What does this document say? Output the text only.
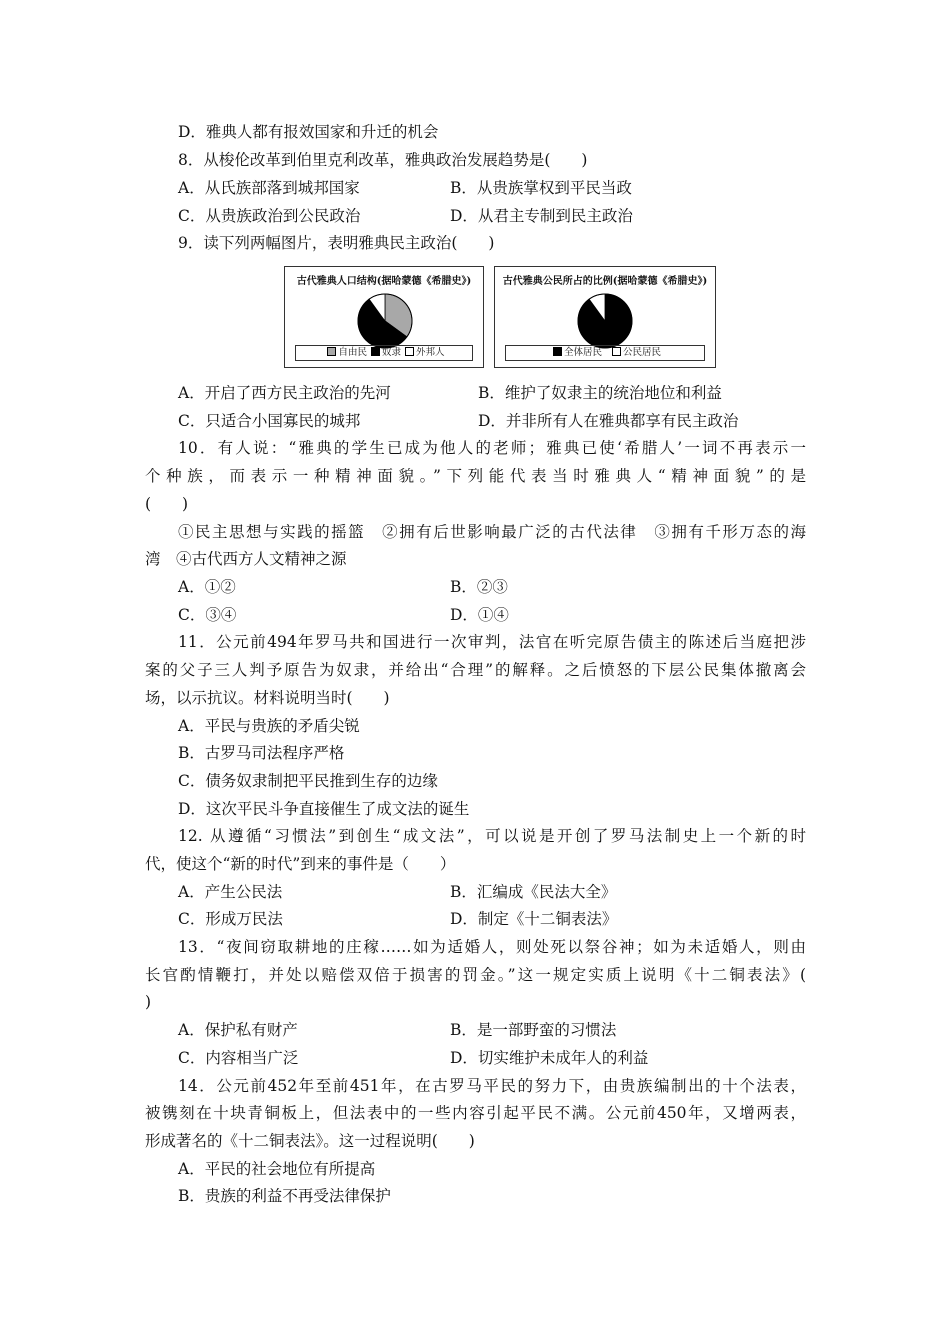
D．雅典人都有报效国家和升迁的机会
8．从梭伦改革到伯里克利改革，雅典政治发展趋势是(　　)
A．从氏族部落到城邦国家	B．从贵族掌权到平民当政
C．从贵族政治到公民政治	D．从君主专制到民主政治
9．读下列两幅图片，表明雅典民主政治(　　)
古代雅典人口结构(据哈蒙德《希腊史》)
自由民 奴隶 外邦人
古代雅典公民所占的比例(据哈蒙德《希腊史》)
全体居民 公民居民
A．开启了西方民主政治的先河	B．维护了奴隶主的统治地位和利益
C．只适合小国寡民的城邦	D．并非所有人在雅典都享有民主政治
10．有人说：“雅典的学生已成为他人的老师；雅典已使‘希腊人’一词不再表示一
个种族，而表示一种精神面貌。”下列能代表当时雅典人“精神面貌”的是
(　　)
①民主思想与实践的摇篮　②拥有后世影响最广泛的古代法律　③拥有千形万态的海
湾　④古代西方人文精神之源
A．①②	B．②③
C．③④	D．①④
11．公元前494年罗马共和国进行一次审判，法官在听完原告债主的陈述后当庭把涉
案的父子三人判予原告为奴隶，并给出“合理”的解释。之后愤怒的下层公民集体撤离会
场，以示抗议。材料说明当时(　　)
A．平民与贵族的矛盾尖锐
B．古罗马司法程序严格
C．债务奴隶制把平民推到生存的边缘
D．这次平民斗争直接催生了成文法的诞生
12. 从遵循“习惯法”到创生“成文法”，可以说是开创了罗马法制史上一个新的时
代，使这个“新的时代”到来的事件是（　　）
A．产生公民法	B．汇编成《民法大全》
C．形成万民法	D．制定《十二铜表法》
13．“夜间窃取耕地的庄稼……如为适婚人，则处死以祭谷神；如为未适婚人，则由
长官酌情鞭打，并处以赔偿双倍于损害的罚金。”这一规定实质上说明《十二铜表法》(
)
A．保护私有财产	B．是一部野蛮的习惯法
C．内容相当广泛	D．切实维护未成年人的利益
14．公元前452年至前451年，在古罗马平民的努力下，由贵族编制出的十个法表，
被镌刻在十块青铜板上，但法表中的一些内容引起平民不满。公元前450年，又增两表，
形成著名的《十二铜表法》。这一过程说明(　　)
A．平民的社会地位有所提高
B．贵族的利益不再受法律保护
